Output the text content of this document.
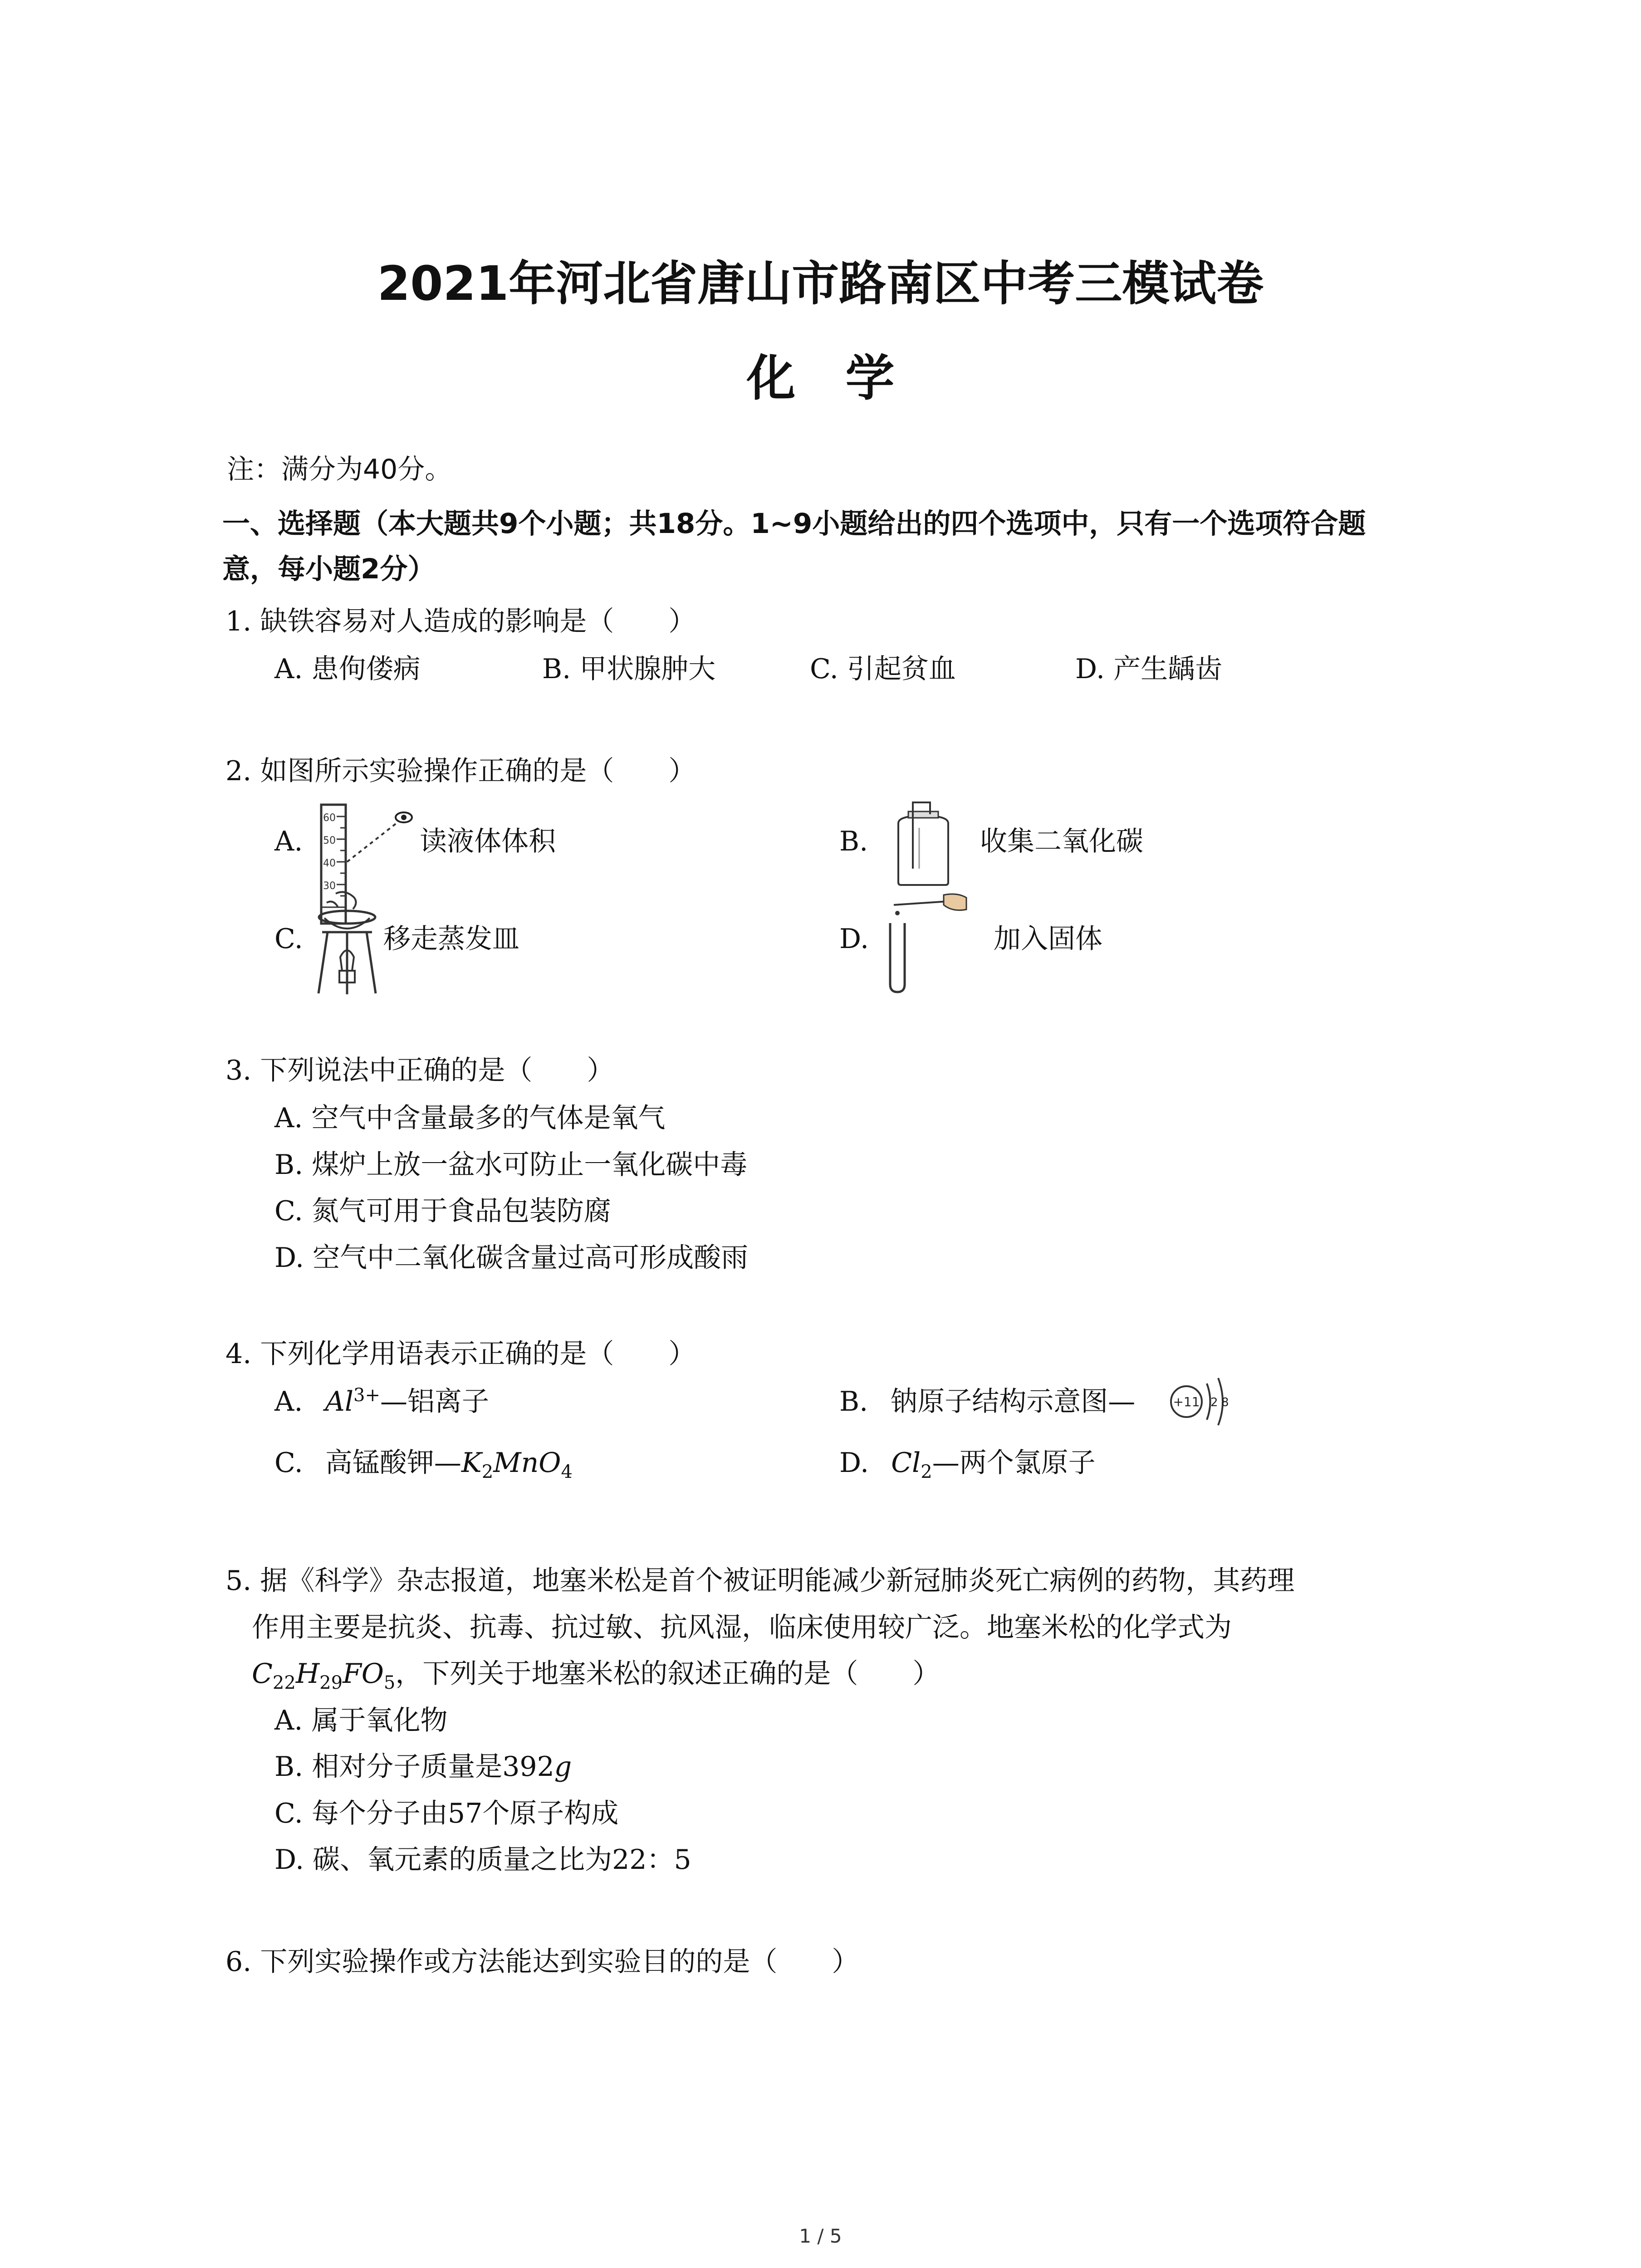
2021年河北省唐山市路南区中考三模试卷
化学
注：满分为40分。
一、选择题（本大题共9个小题；共18分。1~9小题给出的四个选项中，只有一个选项符合题
意，每小题2分）
1. 缺铁容易对人造成的影响是（　　）
A. 患佝偻病	B. 甲状腺肿大	C. 引起贫血	D. 产生龋齿
2. 如图所示实验操作正确的是（　　）
A.
60
50
40
30
读液体体积	B.	收集二氧化碳
C.	移走蒸发皿	D.	加入固体
3. 下列说法中正确的是（　　）
A. 空气中含量最多的气体是氧气
B. 煤炉上放一盆水可防止一氧化碳中毒
C. 氮气可用于食品包装防腐
D. 空气中二氧化碳含量过高可形成酸雨
4. 下列化学用语表示正确的是（　　）
A. $Al^{3+}—$铝离子	B. 钠原子结构示意图—	+11 2 8
C. 高锰酸钾$—K_2MnO_4$	D. $Cl_2—$两个氯原子
5. 据《科学》杂志报道，地塞米松是首个被证明能减少新冠肺炎死亡病例的药物，其药理
作用主要是抗炎、抗毒、抗过敏、抗风湿，临床使用较广泛。地塞米松的化学式为
$C_{22}H_{29}FO_5$，下列关于地塞米松的叙述正确的是（　　）
A. 属于氧化物
B. 相对分子质量是392g
C. 每个分子由57个原子构成
D. 碳、氧元素的质量之比为22：5
6. 下列实验操作或方法能达到实验目的的是（　　）
1 / 5
